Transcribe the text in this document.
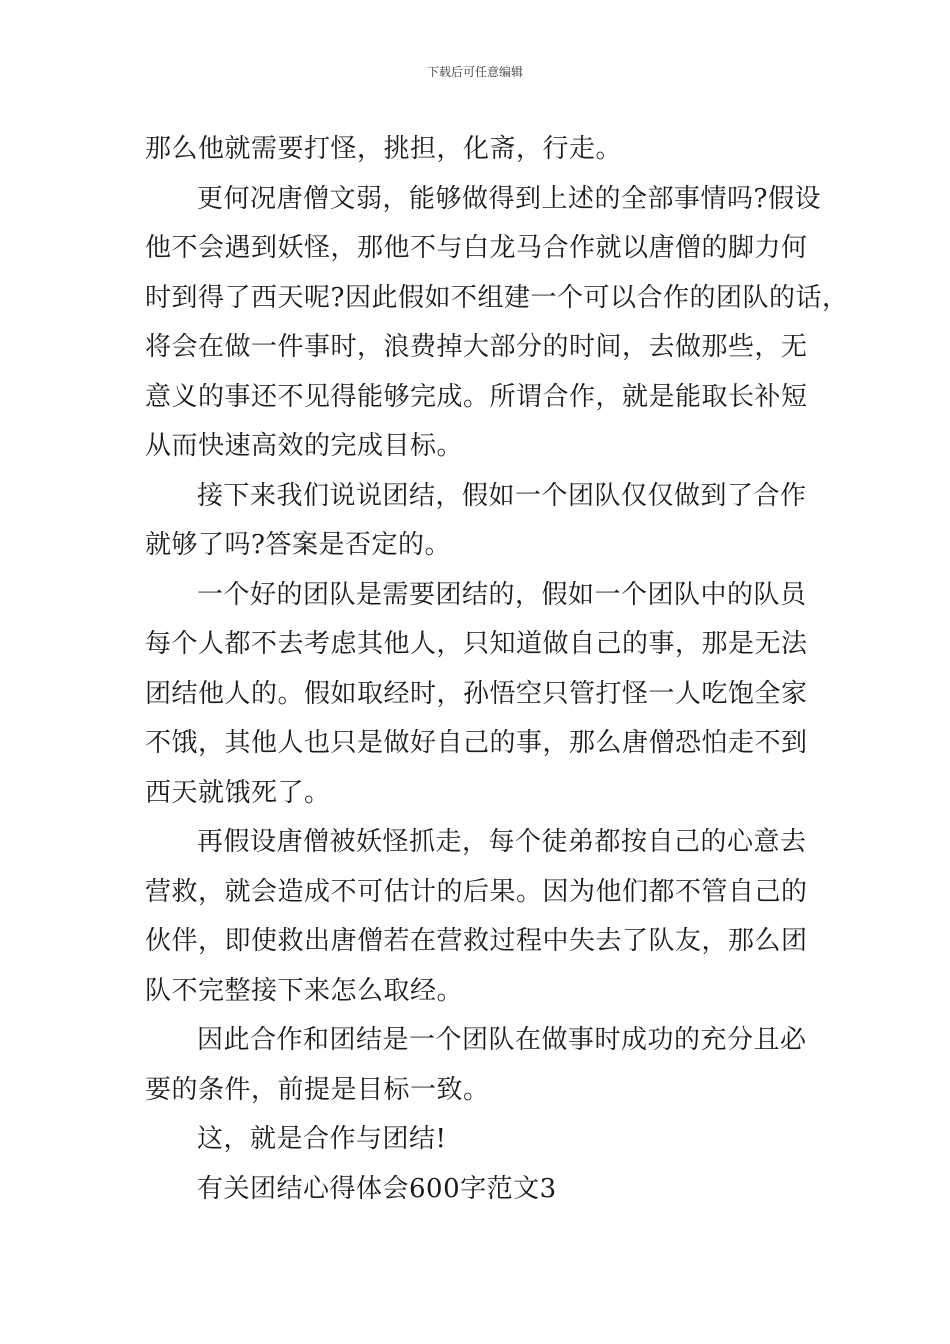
下载后可任意编辑
那么他就需要打怪，挑担，化斋，行走。
更何况唐僧文弱，能够做得到上述的全部事情吗?假设
他不会遇到妖怪，那他不与白龙马合作就以唐僧的脚力何
时到得了西天呢?因此假如不组建一个可以合作的团队的话，
将会在做一件事时，浪费掉大部分的时间，去做那些，无
意义的事还不见得能够完成。所谓合作，就是能取长补短
从而快速高效的完成目标。
接下来我们说说团结，假如一个团队仅仅做到了合作
就够了吗?答案是否定的。
一个好的团队是需要团结的，假如一个团队中的队员
每个人都不去考虑其他人，只知道做自己的事，那是无法
团结他人的。假如取经时，孙悟空只管打怪一人吃饱全家
不饿，其他人也只是做好自己的事，那么唐僧恐怕走不到
西天就饿死了。
再假设唐僧被妖怪抓走，每个徒弟都按自己的心意去
营救，就会造成不可估计的后果。因为他们都不管自己的
伙伴，即使救出唐僧若在营救过程中失去了队友，那么团
队不完整接下来怎么取经。
因此合作和团结是一个团队在做事时成功的充分且必
要的条件，前提是目标一致。
这，就是合作与团结!
有关团结心得体会600字范文3
